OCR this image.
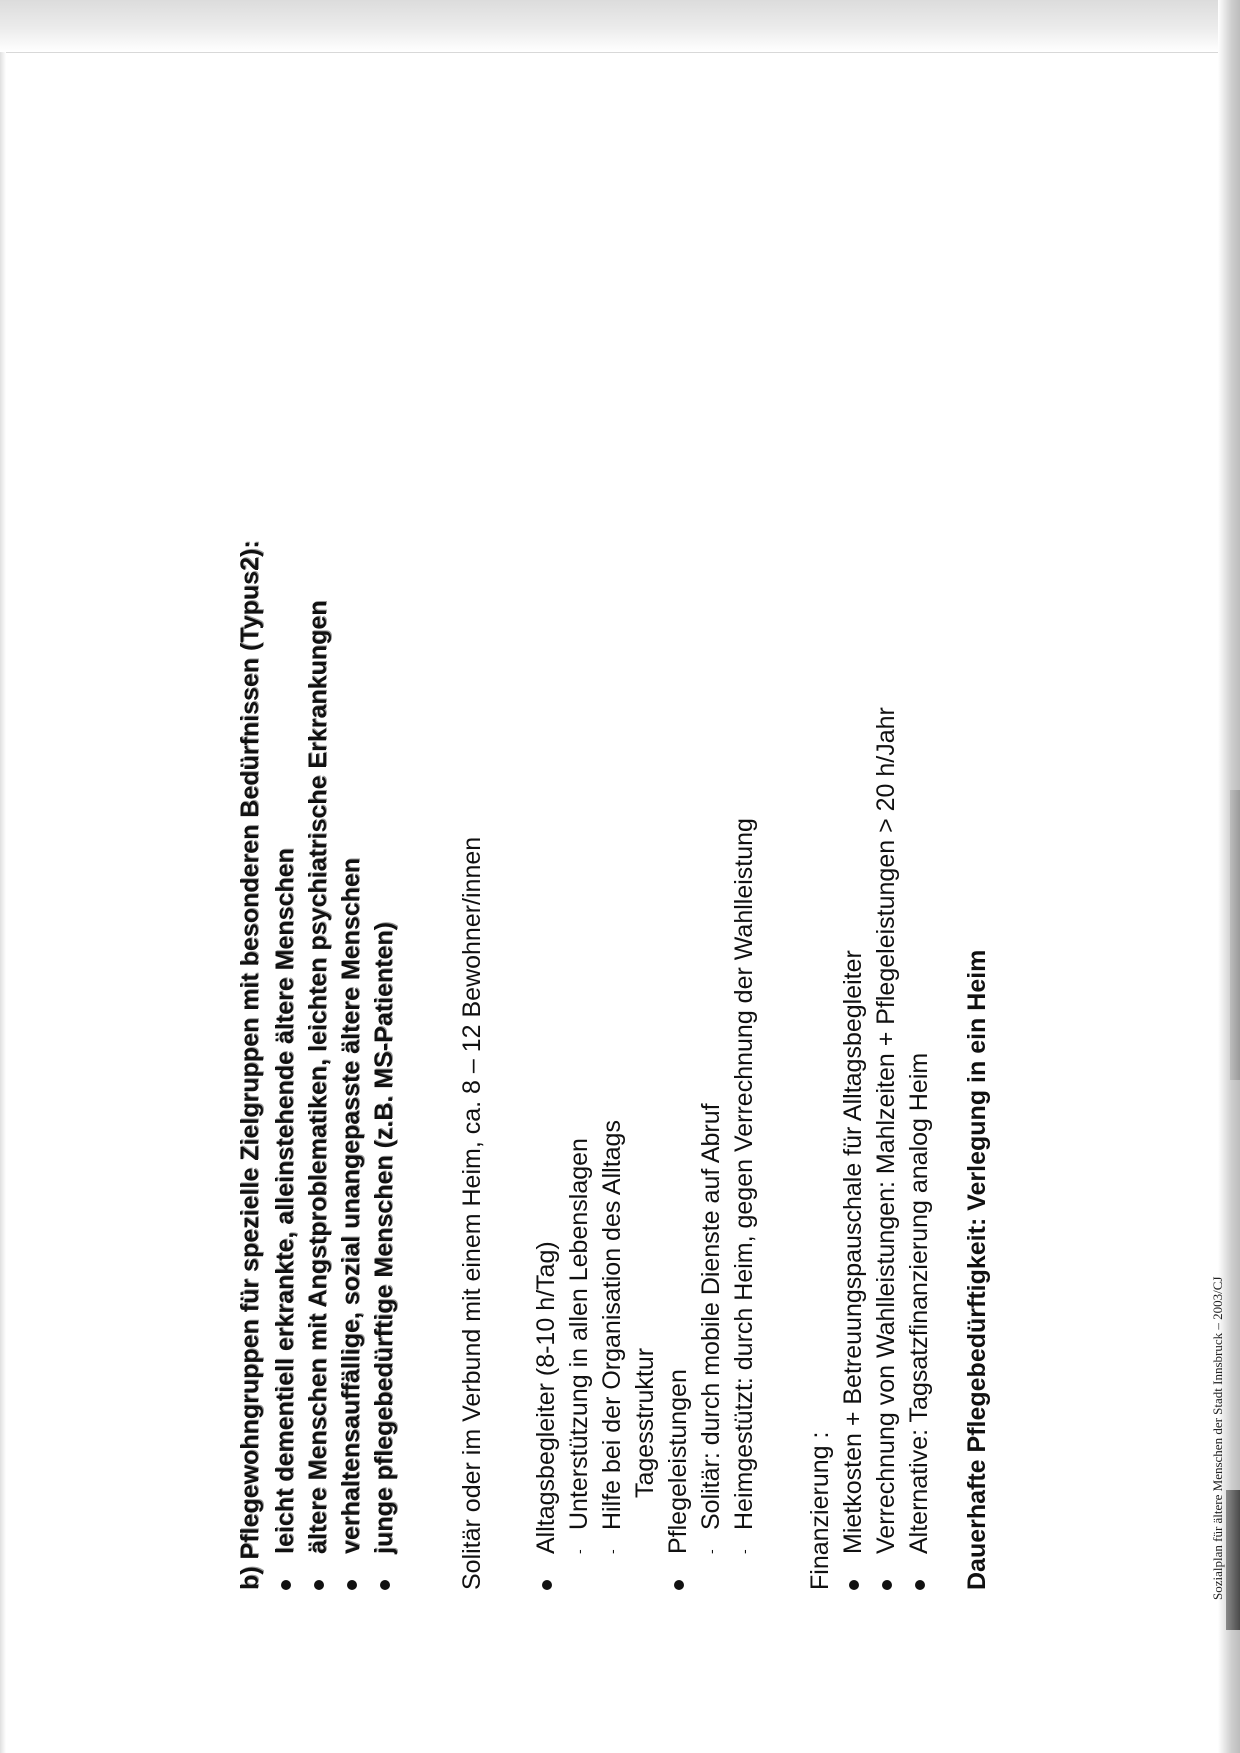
b) Pflegewohngruppen für spezielle Zielgruppen mit besonderen Bedürfnissen (Typus2): leicht dementiell erkrankte, alleinstehende ältere Menschen ältere Menschen mit Angstproblematiken, leichten psychiatrische Erkrankungen verhaltensauffällige, sozial unangepasste ältere Menschen junge pflegebedürftige Menschen (z.B. MS-Patienten) Solitär oder im Verbund mit einem Heim, ca. 8 – 12 Bewohner/innen Alltagsbegleiter (8-10 h/Tag) -
Unterstützung in allen Lebenslagen
-
Hilfe bei der Organisation des Alltags Tagesstruktur Pflegeleistungen -
Solitär: durch mobile Dienste auf Abruf
-
Heimgestützt: durch Heim, gegen Verrechnung der Wahlleistung Finanzierung : Mietkosten + Betreuungspauschale für Alltagsbegleiter Verrechnung von Wahlleistungen: Mahlzeiten + Pflegeleistungen > 20 h/Jahr Alternative: Tagsatzfinanzierung analog Heim Dauerhafte Pflegebedürftigkeit: Verlegung in ein Heim	Sozialplan für ältere Menschen der Stadt Innsbruck – 2003/CJ
